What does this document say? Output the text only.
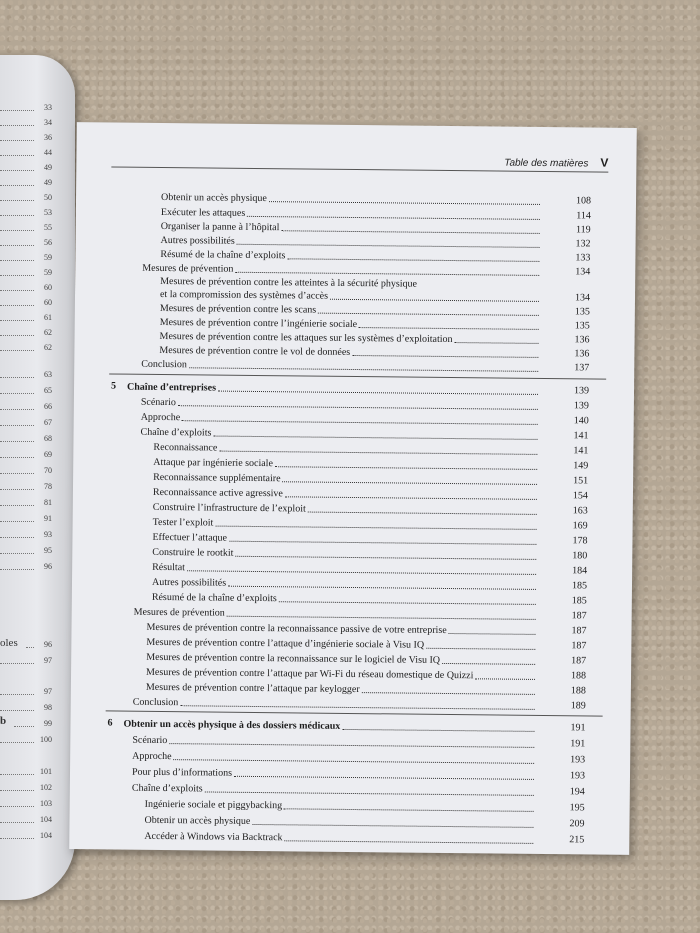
33
34
36
44
49
49
50
53
55
56
59
59
60
60
61
62
62
63
65
66
67
68
69
70
78
81
91
93
95
96
oles	96
97
97
98
b	99
100
101
102
103
104
104
Table des matières V
Obtenir un accès physique	108
Exécuter les attaques	114
Organiser la panne à l’hôpital	119
Autres possibilités	132
Résumé de la chaîne d’exploits	133
Mesures de prévention	134
Mesures de prévention contre les atteintes à la sécurité physique
et la compromission des systèmes d’accès	134
Mesures de prévention contre les scans	135
Mesures de prévention contre l’ingénierie sociale	135
Mesures de prévention contre les attaques sur les systèmes d’exploitation	136
Mesures de prévention contre le vol de données	136
Conclusion	137
5 Chaîne d’entreprises	139
Scénario	139
Approche	140
Chaîne d’exploits	141
Reconnaissance	141
Attaque par ingénierie sociale	149
Reconnaissance supplémentaire	151
Reconnaissance active agressive	154
Construire l’infrastructure de l’exploit	163
Tester l’exploit	169
Effectuer l’attaque	178
Construire le rootkit	180
Résultat	184
Autres possibilités	185
Résumé de la chaîne d’exploits	185
Mesures de prévention	187
Mesures de prévention contre la reconnaissance passive de votre entreprise	187
Mesures de prévention contre l’attaque d’ingénierie sociale à Visu IQ	187
Mesures de prévention contre la reconnaissance sur le logiciel de Visu IQ	187
Mesures de prévention contre l’attaque par Wi-Fi du réseau domestique de Quizzi	188
Mesures de prévention contre l’attaque par keylogger	188
Conclusion	189
6 Obtenir un accès physique à des dossiers médicaux	191
Scénario	191
Approche	193
Pour plus d’informations	193
Chaîne d’exploits	194
Ingénierie sociale et piggybacking	195
Obtenir un accès physique	209
Accéder à Windows via Backtrack	215
